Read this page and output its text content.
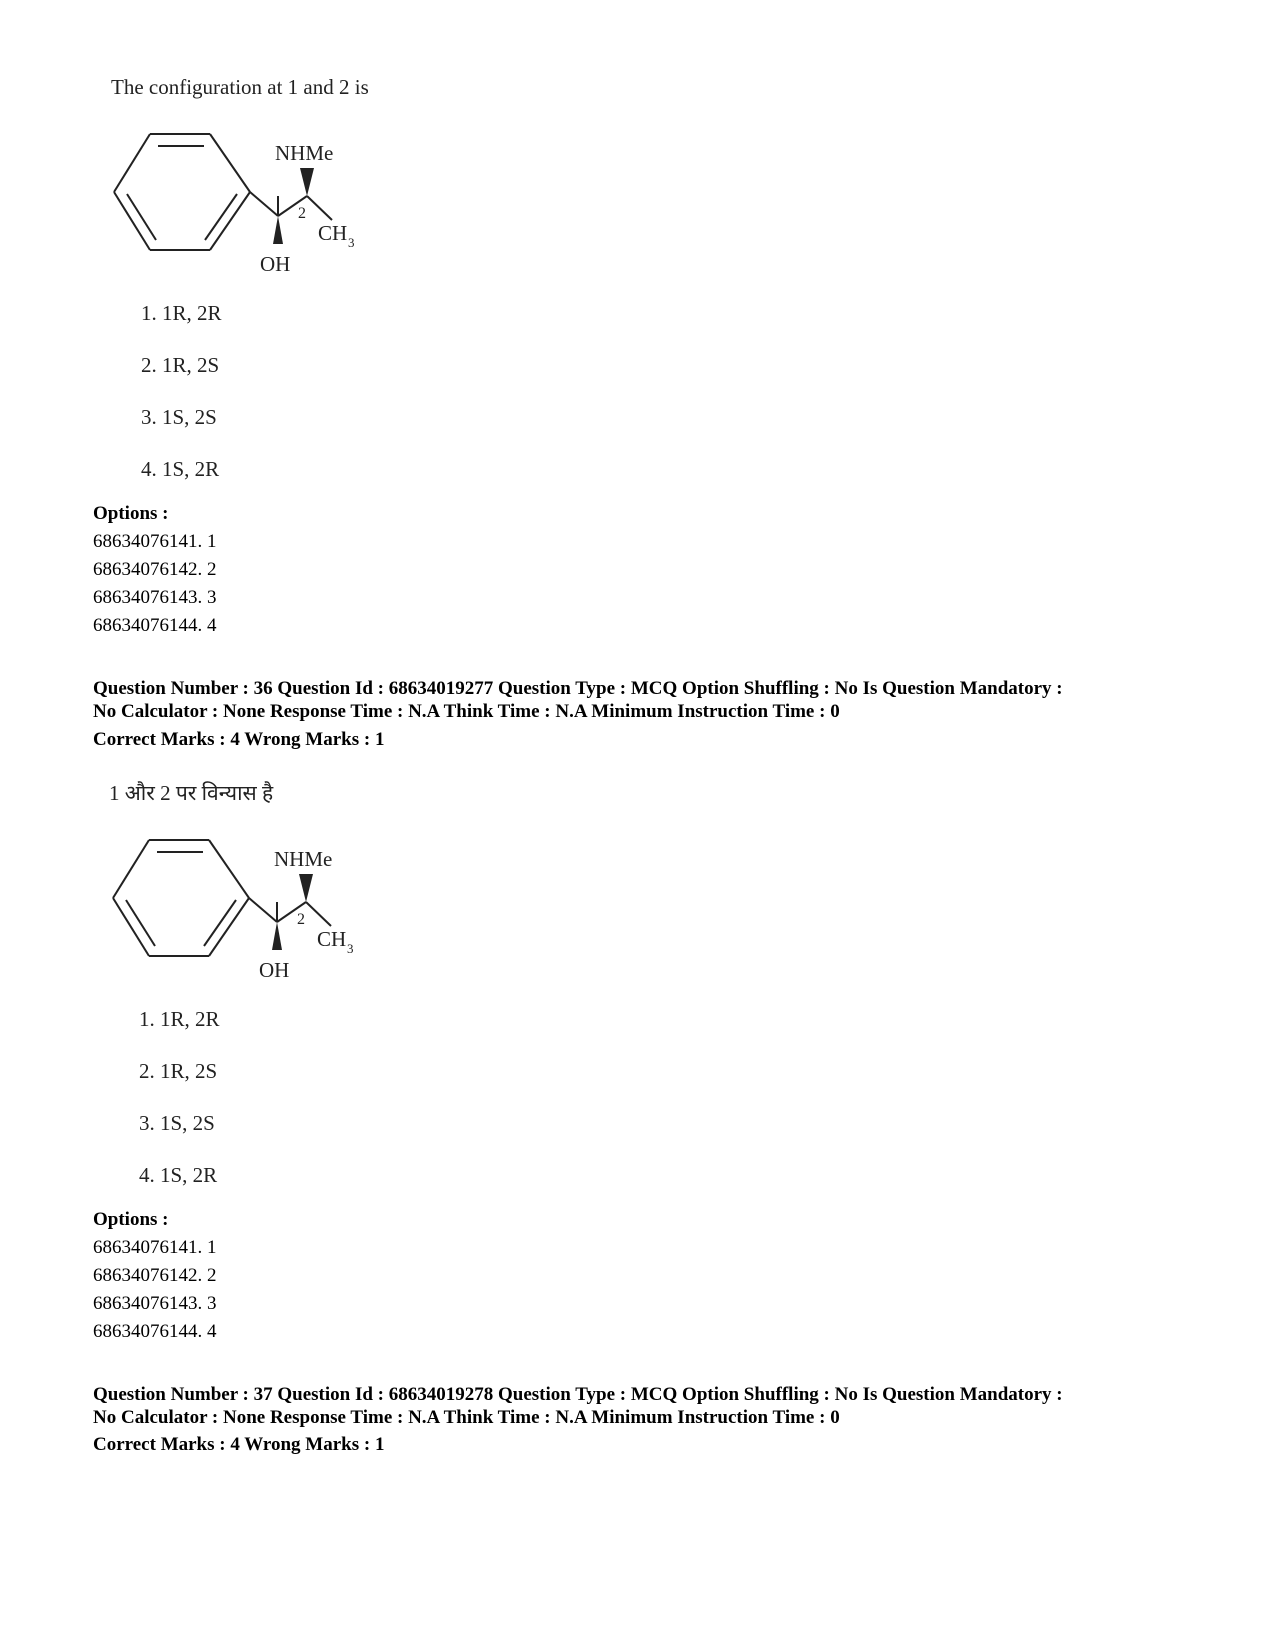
The configuration at 1 and 2 is
NHMe
2
CH 3
OH
1. 1R, 2R
2. 1R, 2S
3. 1S, 2S
4. 1S, 2R
Options :
68634076141. 1
68634076142. 2
68634076143. 3
68634076144. 4
Question Number : 36 Question Id : 68634019277 Question Type : MCQ Option Shuffling : No Is Question Mandatory :
No Calculator : None Response Time : N.A Think Time : N.A Minimum Instruction Time : 0
Correct Marks : 4 Wrong Marks : 1
1 और 2 पर विन्यास है
NHMe
2
CH 3
OH
1. 1R, 2R
2. 1R, 2S
3. 1S, 2S
4. 1S, 2R
Options :
68634076141. 1
68634076142. 2
68634076143. 3
68634076144. 4
Question Number : 37 Question Id : 68634019278 Question Type : MCQ Option Shuffling : No Is Question Mandatory :
No Calculator : None Response Time : N.A Think Time : N.A Minimum Instruction Time : 0
Correct Marks : 4 Wrong Marks : 1
